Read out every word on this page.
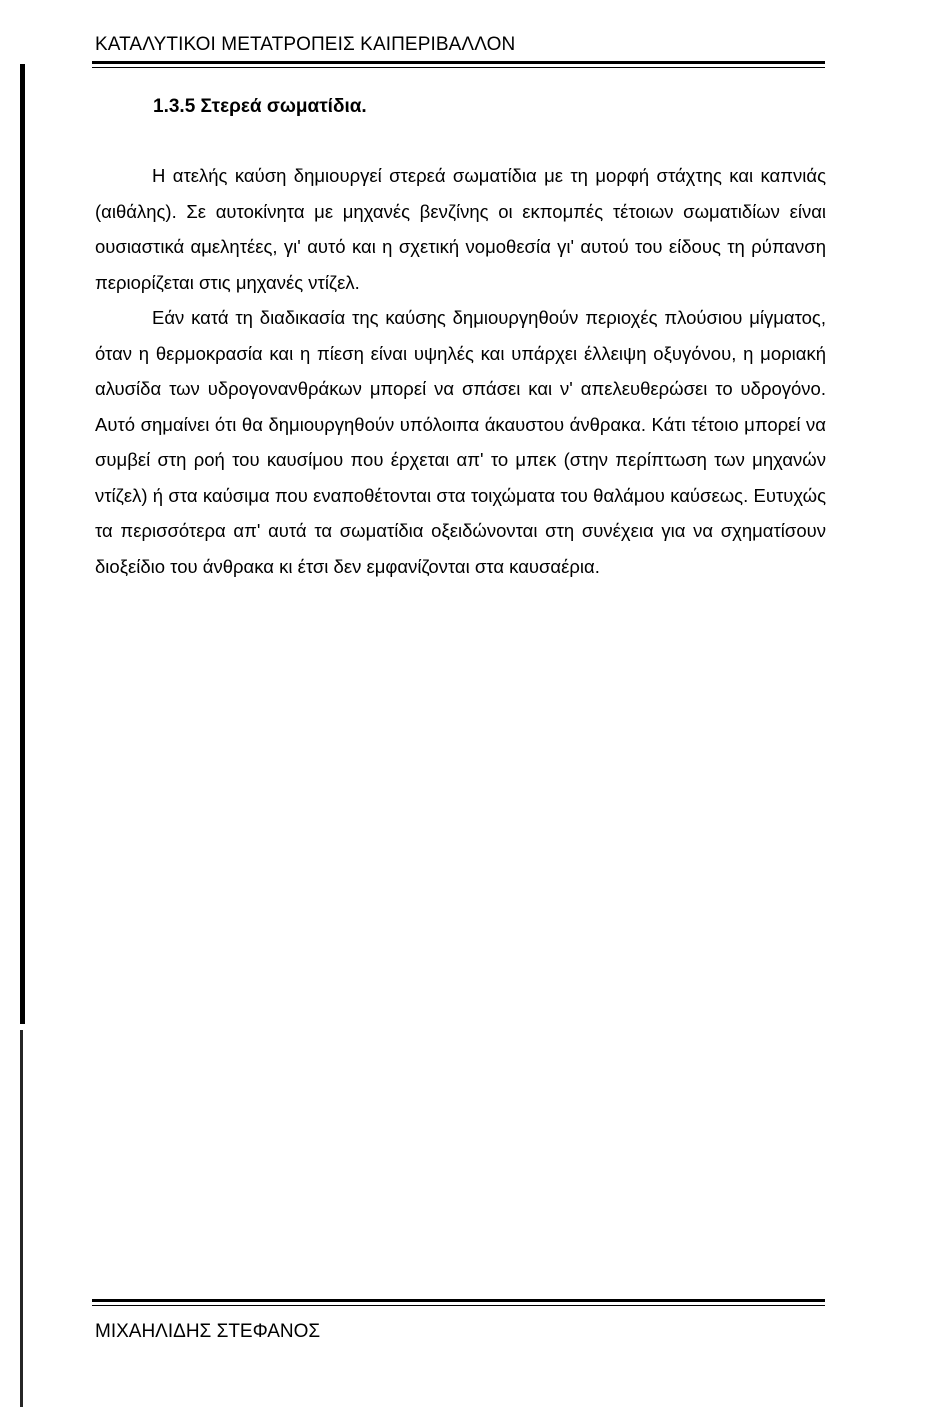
ΚΑΤΑΛΥΤΙΚΟΙ ΜΕΤΑΤΡΟΠΕΙΣ ΚΑΙΠΕΡΙΒΑΛΛΟΝ
1.3.5 Στερεά σωματίδια.

Η ατελής καύση δημιουργεί στερεά σωματίδια με τη μορφή στάχτης και καπνιάς (αιθάλης). Σε αυτοκίνητα με μηχανές βενζίνης οι εκπομπές τέτοιων σωματιδίων είναι ουσιαστικά αμελητέες, γι' αυτό και η σχετική νομοθεσία γι' αυτού του είδους τη ρύπανση περιορίζεται στις μηχανές ντίζελ.

Εάν κατά τη διαδικασία της καύσης δημιουργηθούν περιοχές πλούσιου μίγματος, όταν η θερμοκρασία και η πίεση είναι υψηλές και υπάρχει έλλειψη οξυγόνου, η μοριακή αλυσίδα των υδρογονανθράκων μπορεί να σπάσει και ν' απελευθερώσει το υδρογόνο. Αυτό σημαίνει ότι θα δημιουργηθούν υπόλοιπα άκαυστου άνθρακα. Κάτι τέτοιο μπορεί να συμβεί στη ροή του καυσίμου που έρχεται απ' το μπεκ (στην περίπτωση των μηχανών ντίζελ) ή στα καύσιμα που εναποθέτονται στα τοιχώματα του θαλάμου καύσεως. Ευτυχώς τα περισσότερα απ' αυτά τα σωματίδια οξειδώνονται στη συνέχεια για να σχηματίσουν διοξείδιο του άνθρακα κι έτσι δεν εμφανίζονται στα καυσαέρια.

ΜΙΧΑΗΛΙΔΗΣ ΣΤΕΦΑΝΟΣ
